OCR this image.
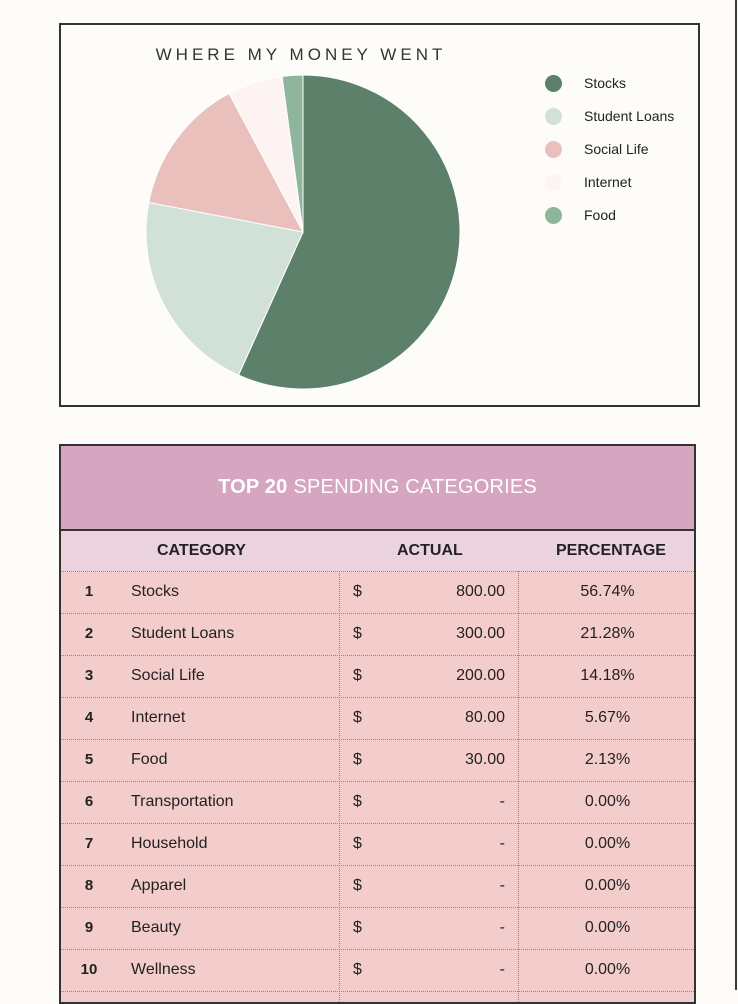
WHERE MY MONEY WENT
Stocks
Student Loans
Social Life
Internet
Food
TOP 20 SPENDING CATEGORIES
CATEGORY	ACTUAL	PERCENTAGE
1	Stocks	$	800.00	56.74%
2	Student Loans	$	300.00	21.28%
3	Social Life	$	200.00	14.18%
4	Internet	$	80.00	5.67%
5	Food	$	30.00	2.13%
6	Transportation	$	-	0.00%
7	Household	$	-	0.00%
8	Apparel	$	-	0.00%
9	Beauty	$	-	0.00%
10	Wellness	$	-	0.00%
